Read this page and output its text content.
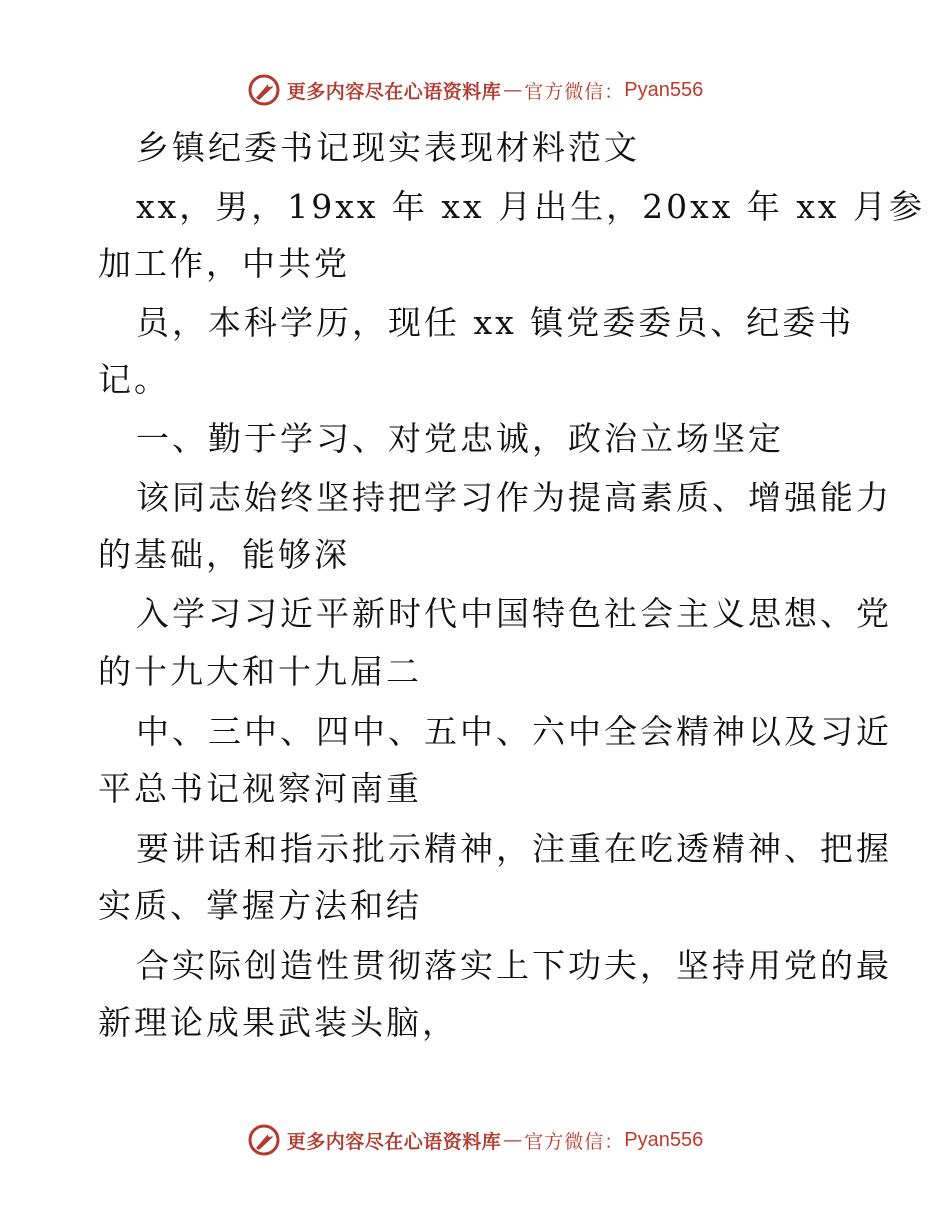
更多内容尽在心语资料库 — 官方微信： Pyan556
乡镇纪委书记现实表现材料范文
xx，男，19xx 年 xx 月出生，20xx 年 xx 月参
加工作，中共党
员，本科学历，现任 xx 镇党委委员、纪委书
记。
一、勤于学习、对党忠诚，政治立场坚定
该同志始终坚持把学习作为提高素质、增强能力
的基础，能够深
入学习习近平新时代中国特色社会主义思想、党
的十九大和十九届二
中、三中、四中、五中、六中全会精神以及习近
平总书记视察河南重
要讲话和指示批示精神，注重在吃透精神、把握
实质、掌握方法和结
合实际创造性贯彻落实上下功夫，坚持用党的最
新理论成果武装头脑，
更多内容尽在心语资料库 — 官方微信： Pyan556
